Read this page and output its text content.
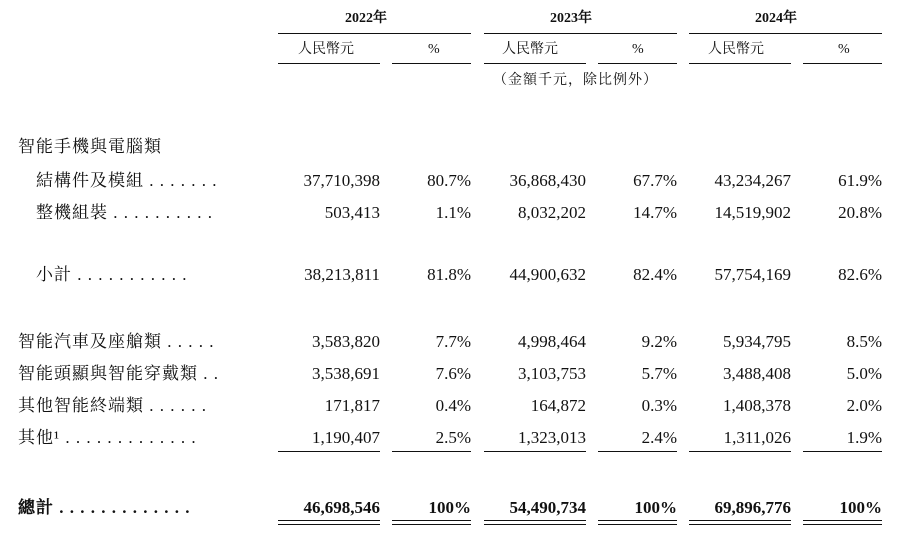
2022年	2023年	2024年
人民幣元	%	人民幣元	%	人民幣元	%
（金額千元，除比例外）
智能手機與電腦類
結構件及模組 . . . . . . .	37,710,398	80.7% 36,868,430	67.7% 43,234,267	61.9%
整機組裝 . . . . . . . . . .	503,413	1.1%	8,032,202	14.7% 14,519,902	20.8%
小計 . . . . . . . . . . .	38,213,811	81.8% 44,900,632	82.4% 57,754,169	82.6%
智能汽車及座艙類 . . . . .	3,583,820	7.7%	4,998,464	9.2%	5,934,795	8.5%
智能頭顯與智能穿戴類 . .	3,538,691	7.6%	3,103,753	5.7%	3,488,408	5.0%
其他智能終端類 . . . . . .	171,817	0.4%	164,872	0.3%	1,408,378	2.0%
其他¹ . . . . . . . . . . . . .	1,190,407	2.5%	1,323,013	2.4%	1,311,026	1.9%
總計 . . . . . . . . . . . . .	46,698,546	100% 54,490,734	100% 69,896,776	100%
